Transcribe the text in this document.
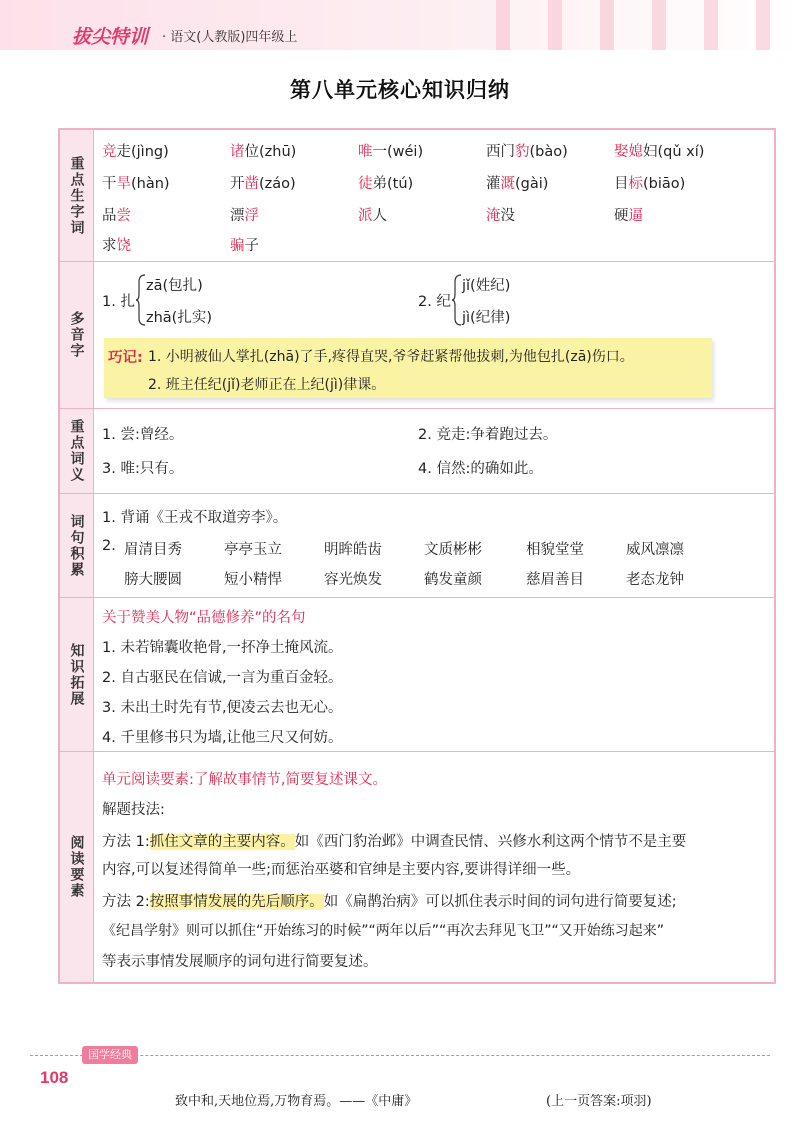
拔尖特训 · 语文(人教版)四年级上
第八单元核心知识归纳
重点生字词
竞走(jìng)	诸位(zhū)	唯一(wéi)	西门豹(bào)	娶媳妇(qǔ xí)
干旱(hàn)	开凿(záo)	徒弟(tú)	灌溉(gài)	目标(biāo)
品尝	漂浮	派人	淹没	硬逼
求饶	骗子
多音字
1. 扎
zā(包扎)
zhā(扎实)
2. 纪
jǐ(姓纪)
jì(纪律)
巧记: 1. 小明被仙人掌扎(zhā)了手,疼得直哭,爷爷赶紧帮他拔刺,为他包扎(zā)伤口。
2. 班主任纪(jǐ)老师正在上纪(jì)律课。
重点词义 1. 尝:曾经。	2. 竞走:争着跑过去。
3. 唯:只有。	4. 信然:的确如此。
词句积累 1. 背诵《王戎不取道旁李》。
2. 眉清目秀	亭亭玉立	明眸皓齿	文质彬彬	相貌堂堂	威风凛凛
膀大腰圆	短小精悍	容光焕发	鹤发童颜	慈眉善目	老态龙钟
知识拓展
关于赞美人物“品德修养”的名句
1. 未若锦囊收艳骨,一抔净土掩风流。
2. 自古驱民在信诚,一言为重百金轻。
3. 未出土时先有节,便凌云去也无心。
4. 千里修书只为墙,让他三尺又何妨。
阅读要素
单元阅读要素:了解故事情节,简要复述课文。
解题技法:
方法 1:抓住文章的主要内容。如《西门豹治邺》中调查民情、兴修水利这两个情节不是主要
内容,可以复述得简单一些;而惩治巫婆和官绅是主要内容,要讲得详细一些。
方法 2:按照事情发展的先后顺序。如《扁鹊治病》可以抓住表示时间的词句进行简要复述;
《纪昌学射》则可以抓住“开始练习的时候”“两年以后”“再次去拜见飞卫”“又开始练习起来”
等表示事情发展顺序的词句进行简要复述。
国学经典
108
致中和,天地位焉,万物育焉。——《中庸》	(上一页答案:项羽)
